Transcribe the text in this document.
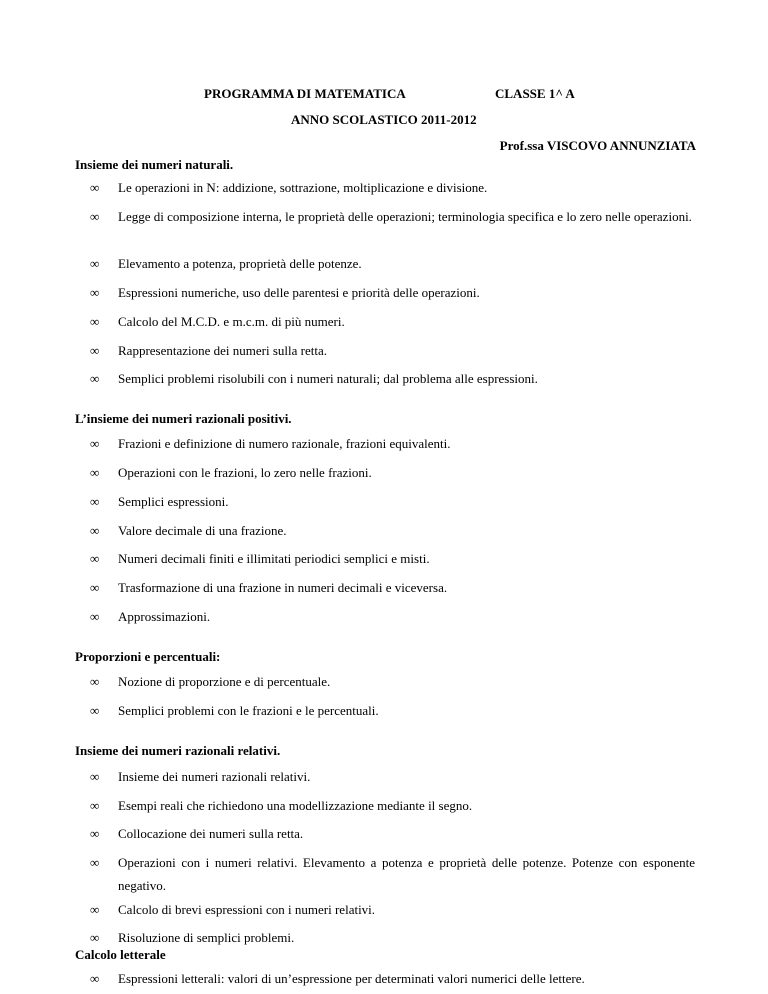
PROGRAMMA DI MATEMATICA	CLASSE 1^ A
ANNO SCOLASTICO 2011-2012
Prof.ssa VISCOVO ANNUNZIATA
Insieme dei numeri naturali.
∞	Le operazioni in N: addizione, sottrazione, moltiplicazione e divisione.
∞	Legge di composizione interna, le proprietà delle operazioni; terminologia specifica e lo zero nelle operazioni.
∞	Elevamento a potenza, proprietà delle potenze.
∞	Espressioni numeriche, uso delle parentesi e priorità delle operazioni.
∞	Calcolo del M.C.D. e m.c.m. di più numeri.
∞	Rappresentazione dei numeri sulla retta.
∞	Semplici problemi risolubili con i numeri naturali; dal problema alle espressioni.
L’insieme dei numeri razionali positivi.
∞	Frazioni e definizione di numero razionale, frazioni equivalenti.
∞	Operazioni con le frazioni, lo zero nelle frazioni.
∞	Semplici espressioni.
∞	Valore decimale di una frazione.
∞	Numeri decimali finiti e illimitati periodici semplici e misti.
∞	Trasformazione di una frazione in numeri decimali e viceversa.
∞	Approssimazioni.
Proporzioni e percentuali:
∞	Nozione di proporzione e di percentuale.
∞	Semplici problemi con le frazioni e le percentuali.
Insieme dei numeri razionali relativi.
∞	Insieme dei numeri razionali relativi.
∞	Esempi reali che richiedono una modellizzazione mediante il segno.
∞	Collocazione dei numeri sulla retta.
∞	Operazioni con i numeri relativi. Elevamento a potenza e proprietà delle potenze. Potenze con esponente negativo.
∞	Calcolo di brevi espressioni con i numeri relativi.
∞	Risoluzione di semplici problemi.
Calcolo letterale
∞	Espressioni letterali: valori di un’espressione per determinati valori numerici delle lettere.
